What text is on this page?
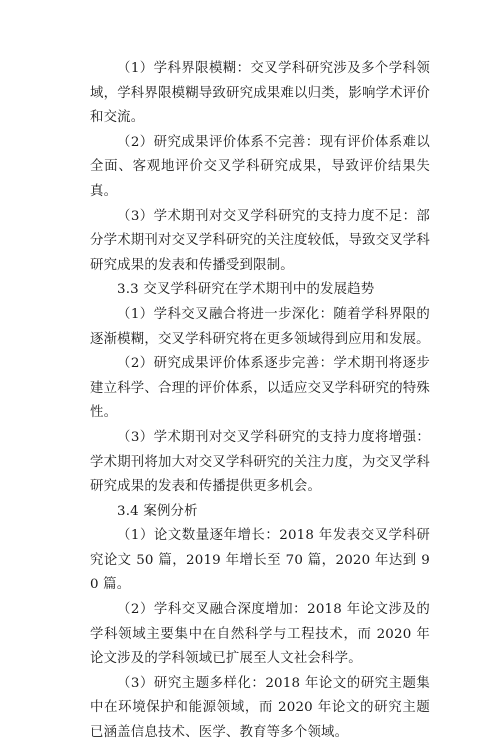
（1）学科界限模糊：交叉学科研究涉及多个学科领域，学科界限模糊导致研究成果难以归类，影响学术评价和交流。

（2）研究成果评价体系不完善：现有评价体系难以全面、客观地评价交叉学科研究成果，导致评价结果失真。

（3）学术期刊对交叉学科研究的支持力度不足：部分学术期刊对交叉学科研究的关注度较低，导致交叉学科研究成果的发表和传播受到限制。

3.3 交叉学科研究在学术期刊中的发展趋势

（1）学科交叉融合将进一步深化：随着学科界限的逐渐模糊，交叉学科研究将在更多领域得到应用和发展。

（2）研究成果评价体系逐步完善：学术期刊将逐步建立科学、合理的评价体系，以适应交叉学科研究的特殊性。

（3）学术期刊对交叉学科研究的支持力度将增强：学术期刊将加大对交叉学科研究的关注力度，为交叉学科研究成果的发表和传播提供更多机会。

3.4 案例分析

（1）论文数量逐年增长：2018 年发表交叉学科研究论文 50 篇，2019 年增长至 70 篇，2020 年达到 90 篇。

（2）学科交叉融合深度增加：2018 年论文涉及的学科领域主要集中在自然科学与工程技术，而 2020 年论文涉及的学科领域已扩展至人文社会科学。

（3）研究主题多样化：2018 年论文的研究主题集中在环境保护和能源领域，而 2020 年论文的研究主题已涵盖信息技术、医学、教育等多个领域。
